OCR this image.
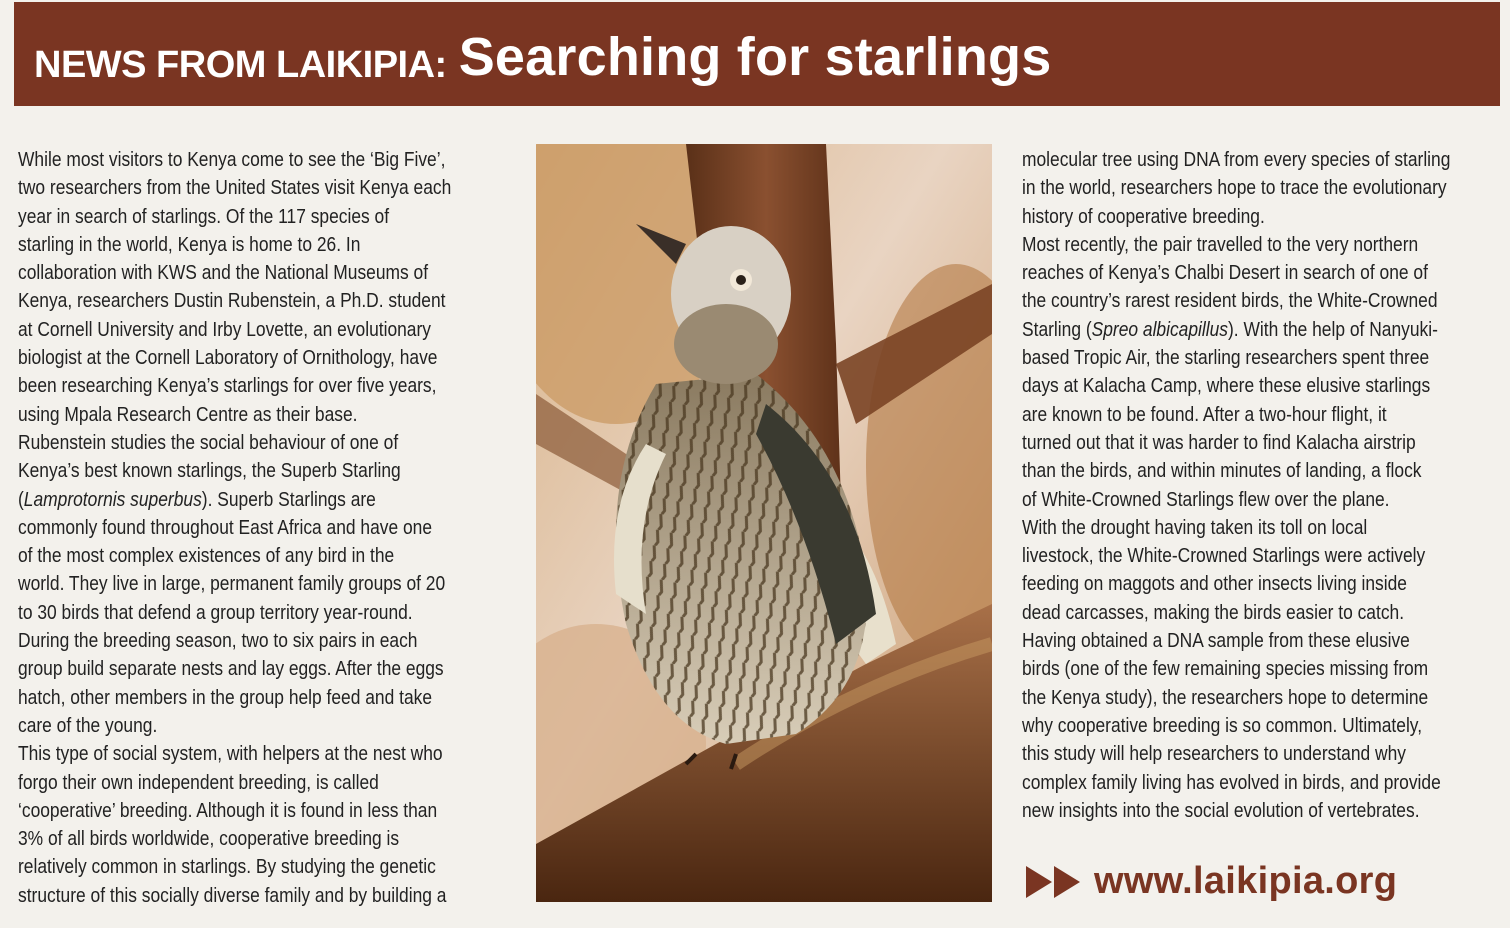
NEWS FROM LAIKIPIA: Searching for starlings

While most visitors to Kenya come to see the ‘Big Five’,

two researchers from the United States visit Kenya each

year in search of starlings. Of the 117 species of

starling in the world, Kenya is home to 26. In

collaboration with KWS and the National Museums of

Kenya, researchers Dustin Rubenstein, a Ph.D. student

at Cornell University and Irby Lovette, an evolutionary

biologist at the Cornell Laboratory of Ornithology, have

been researching Kenya’s starlings for over five years,

using Mpala Research Centre as their base.

Rubenstein studies the social behaviour of one of

Kenya’s best known starlings, the Superb Starling

(Lamprotornis superbus). Superb Starlings are

commonly found throughout East Africa and have one

of the most complex existences of any bird in the

world. They live in large, permanent family groups of 20

to 30 birds that defend a group territory year-round.

During the breeding season, two to six pairs in each

group build separate nests and lay eggs. After the eggs

hatch, other members in the group help feed and take

care of the young.

This type of social system, with helpers at the nest who

forgo their own independent breeding, is called

‘cooperative’ breeding. Although it is found in less than

3% of all birds worldwide, cooperative breeding is

relatively common in starlings. By studying the genetic

structure of this socially diverse family and by building a

molecular tree using DNA from every species of starling

in the world, researchers hope to trace the evolutionary

history of cooperative breeding.

Most recently, the pair travelled to the very northern

reaches of Kenya’s Chalbi Desert in search of one of

the country’s rarest resident birds, the White-Crowned

Starling (Spreo albicapillus). With the help of Nanyuki-

based Tropic Air, the starling researchers spent three

days at Kalacha Camp, where these elusive starlings

are known to be found. After a two-hour flight, it

turned out that it was harder to find Kalacha airstrip

than the birds, and within minutes of landing, a flock

of White-Crowned Starlings flew over the plane.

With the drought having taken its toll on local

livestock, the White-Crowned Starlings were actively

feeding on maggots and other insects living inside

dead carcasses, making the birds easier to catch.

Having obtained a DNA sample from these elusive

birds (one of the few remaining species missing from

the Kenya study), the researchers hope to determine

why cooperative breeding is so common. Ultimately,

this study will help researchers to understand why

complex family living has evolved in birds, and provide

new insights into the social evolution of vertebrates.

www.laikipia.org
